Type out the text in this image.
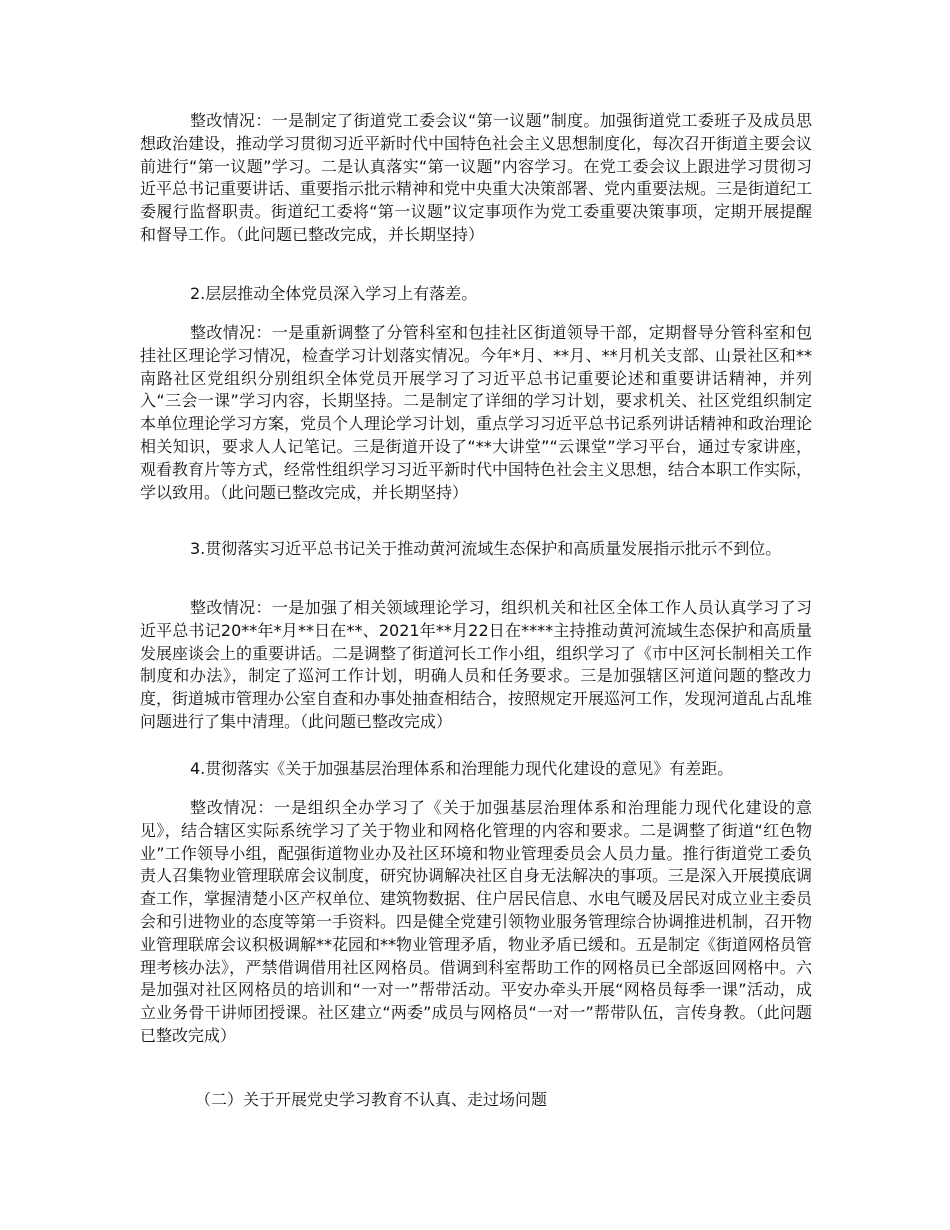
整改情况：一是制定了街道党工委会议“第一议题”制度。加强街道党工委班子及成员思想政治建设，推动学习贯彻习近平新时代中国特色社会主义思想制度化，每次召开街道主要会议前进行“第一议题”学习。二是认真落实“第一议题”内容学习。在党工委会议上跟进学习贯彻习近平总书记重要讲话、重要指示批示精神和党中央重大决策部署、党内重要法规。三是街道纪工委履行监督职责。街道纪工委将“第一议题”议定事项作为党工委重要决策事项，定期开展提醒和督导工作。（此问题已整改完成，并长期坚持）

2.层层推动全体党员深入学习上有落差。

整改情况：一是重新调整了分管科室和包挂社区街道领导干部，定期督导分管科室和包挂社区理论学习情况，检查学习计划落实情况。今年*月、**月、**月机关支部、山景社区和**南路社区党组织分别组织全体党员开展学习了习近平总书记重要论述和重要讲话精神，并列入“三会一课”学习内容，长期坚持。二是制定了详细的学习计划，要求机关、社区党组织制定本单位理论学习方案，党员个人理论学习计划，重点学习习近平总书记系列讲话精神和政治理论相关知识，要求人人记笔记。三是街道开设了“**大讲堂”“云课堂”学习平台，通过专家讲座，观看教育片等方式，经常性组织学习习近平新时代中国特色社会主义思想，结合本职工作实际，学以致用。（此问题已整改完成，并长期坚持）

3.贯彻落实习近平总书记关于推动黄河流域生态保护和高质量发展指示批示不到位。

整改情况：一是加强了相关领域理论学习，组织机关和社区全体工作人员认真学习了习近平总书记20**年*月**日在**、2021年**月22日在****主持推动黄河流域生态保护和高质量发展座谈会上的重要讲话。二是调整了街道河长工作小组，组织学习了《市中区河长制相关工作制度和办法》，制定了巡河工作计划，明确人员和任务要求。三是加强辖区河道问题的整改力度，街道城市管理办公室自查和办事处抽查相结合，按照规定开展巡河工作，发现河道乱占乱堆问题进行了集中清理。（此问题已整改完成）

4.贯彻落实《关于加强基层治理体系和治理能力现代化建设的意见》有差距。

整改情况：一是组织全办学习了《关于加强基层治理体系和治理能力现代化建设的意见》，结合辖区实际系统学习了关于物业和网格化管理的内容和要求。二是调整了街道“红色物业”工作领导小组，配强街道物业办及社区环境和物业管理委员会人员力量。推行街道党工委负责人召集物业管理联席会议制度，研究协调解决社区自身无法解决的事项。三是深入开展摸底调查工作，掌握清楚小区产权单位、建筑物数据、住户居民信息、水电气暖及居民对成立业主委员会和引进物业的态度等第一手资料。四是健全党建引领物业服务管理综合协调推进机制，召开物业管理联席会议积极调解**花园和**物业管理矛盾，物业矛盾已缓和。五是制定《街道网格员管理考核办法》，严禁借调借用社区网格员。借调到科室帮助工作的网格员已全部返回网格中。六是加强对社区网格员的培训和“一对一”帮带活动。平安办牵头开展“网格员每季一课”活动，成立业务骨干讲师团授课。社区建立“两委”成员与网格员“一对一”帮带队伍，言传身教。（此问题已整改完成）

（二）关于开展党史学习教育不认真、走过场问题
